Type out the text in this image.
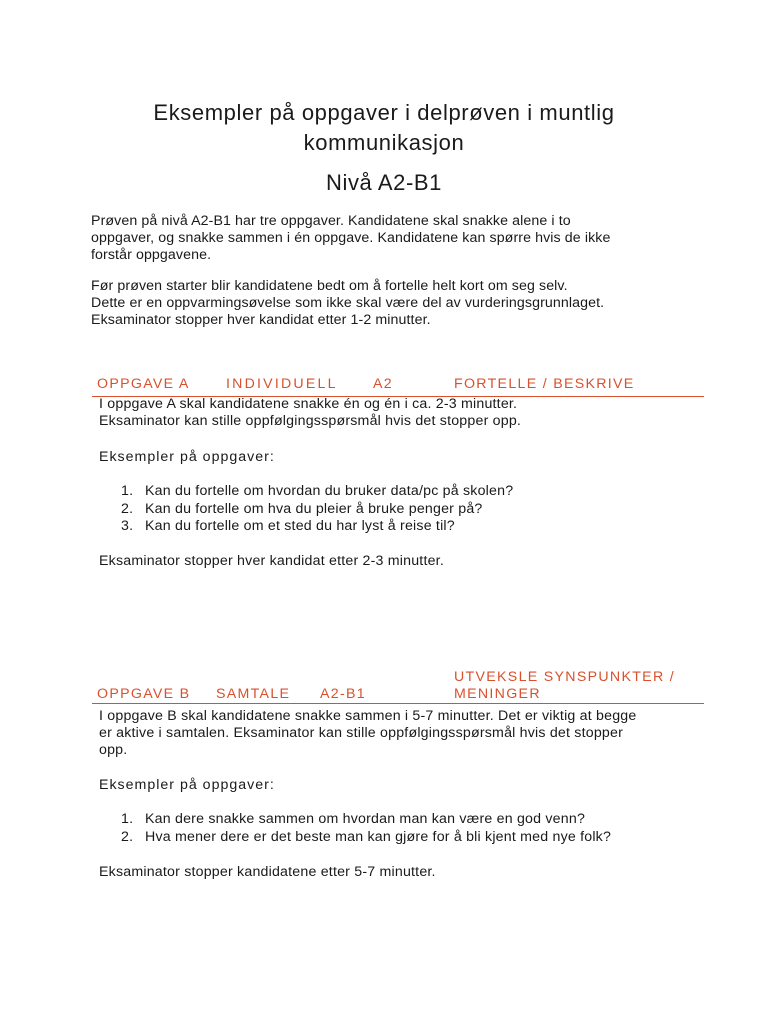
Eksempler på oppgaver i delprøven i muntlig
kommunikasjon
Nivå A2-B1

Prøven på nivå A2-B1 har tre oppgaver. Kandidatene skal snakke alene i to
oppgaver, og snakke sammen i én oppgave. Kandidatene kan spørre hvis de ikke
forstår oppgavene.

Før prøven starter blir kandidatene bedt om å fortelle helt kort om seg selv.
Dette er en oppvarmingsøvelse som ikke skal være del av vurderingsgrunnlaget.
Eksaminator stopper hver kandidat etter 1-2 minutter.

OPPGAVE A	INDIVIDUELL A2	FORTELLE / BESKRIVE

I oppgave A skal kandidatene snakke én og én i ca. 2-3 minutter.
Eksaminator kan stille oppfølgingsspørsmål hvis det stopper opp.

Eksempler på oppgaver:

1. Kan du fortelle om hvordan du bruker data/pc på skolen?
2. Kan du fortelle om hva du pleier å bruke penger på?
3. Kan du fortelle om et sted du har lyst å reise til?

Eksaminator stopper hver kandidat etter 2-3 minutter.

OPPGAVE B SAMTALE A2-B1
UTVEKSLE SYNSPUNKTER /
MENINGER

I oppgave B skal kandidatene snakke sammen i 5-7 minutter. Det er viktig at begge
er aktive i samtalen. Eksaminator kan stille oppfølgingsspørsmål hvis det stopper
opp.

Eksempler på oppgaver:

1. Kan dere snakke sammen om hvordan man kan være en god venn?
2. Hva mener dere er det beste man kan gjøre for å bli kjent med nye folk?

Eksaminator stopper kandidatene etter 5-7 minutter.
